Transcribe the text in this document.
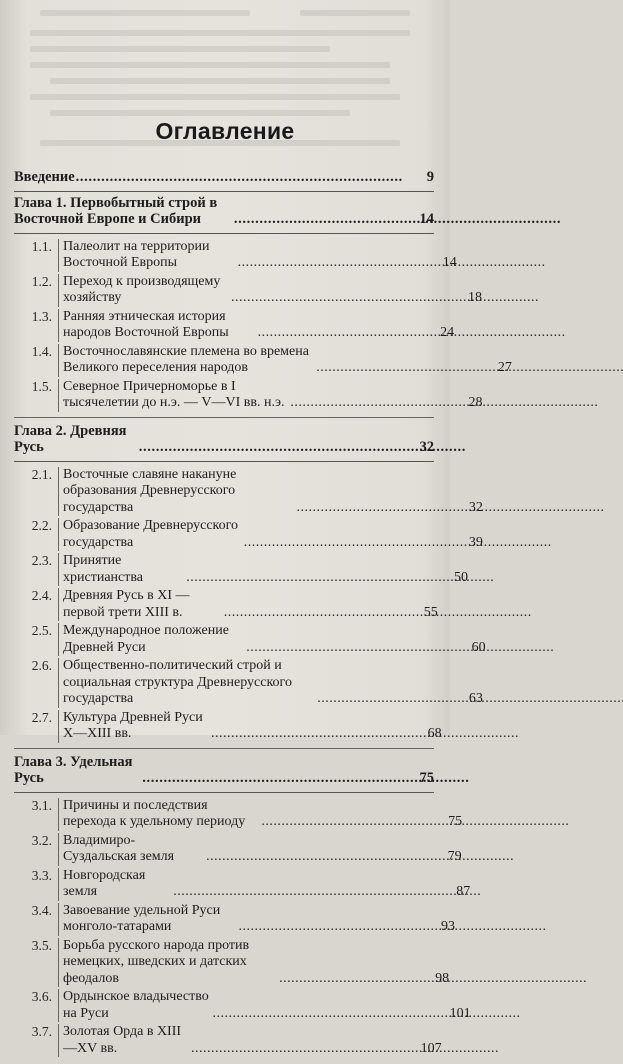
Оглавление
Введение . . .	9
Глава 1. Первобытный строй в Восточной Европе и Сибири . . .	14
1.1. Палеолит на территории Восточной Европы . . .	14
1.2. Переход к производящему хозяйству . . .	18
1.3. Ранняя этническая история народов Восточной Европы . . .	24
1.4. Восточнославянские племена во времена Великого переселения народов . . .	27
1.5. Северное Причерноморье в I тысячелетии до н.э. — V—VI вв. н.э. . . .	28
Глава 2. Древняя Русь . . .	32
2.1. Восточные славяне накануне образования Древнерусского государства . . .	32
2.2. Образование Древнерусского государства . . .	39
2.3. Принятие христианства . . .	50
2.4. Древняя Русь в XI — первой трети XIII в. . . .	55
2.5. Международное положение Древней Руси . . .	60
2.6. Общественно-политический строй и социальная структура Древнерусского государства . . .	63
2.7. Культура Древней Руси X—XIII вв. . . .	68
Глава 3. Удельная Русь . . .	75
3.1. Причины и последствия перехода к удельному периоду . . .	75
3.2. Владимиро-Суздальская земля . . .	79
3.3. Новгородская земля . . .	87
3.4. Завоевание удельной Руси монголо-татарами . . .	93
3.5. Борьба русского народа против немецких, шведских и датских феодалов . . .	98
3.6. Ордынское владычество на Руси . . .	101
3.7. Золотая Орда в XIII—XV вв. . . .	107
